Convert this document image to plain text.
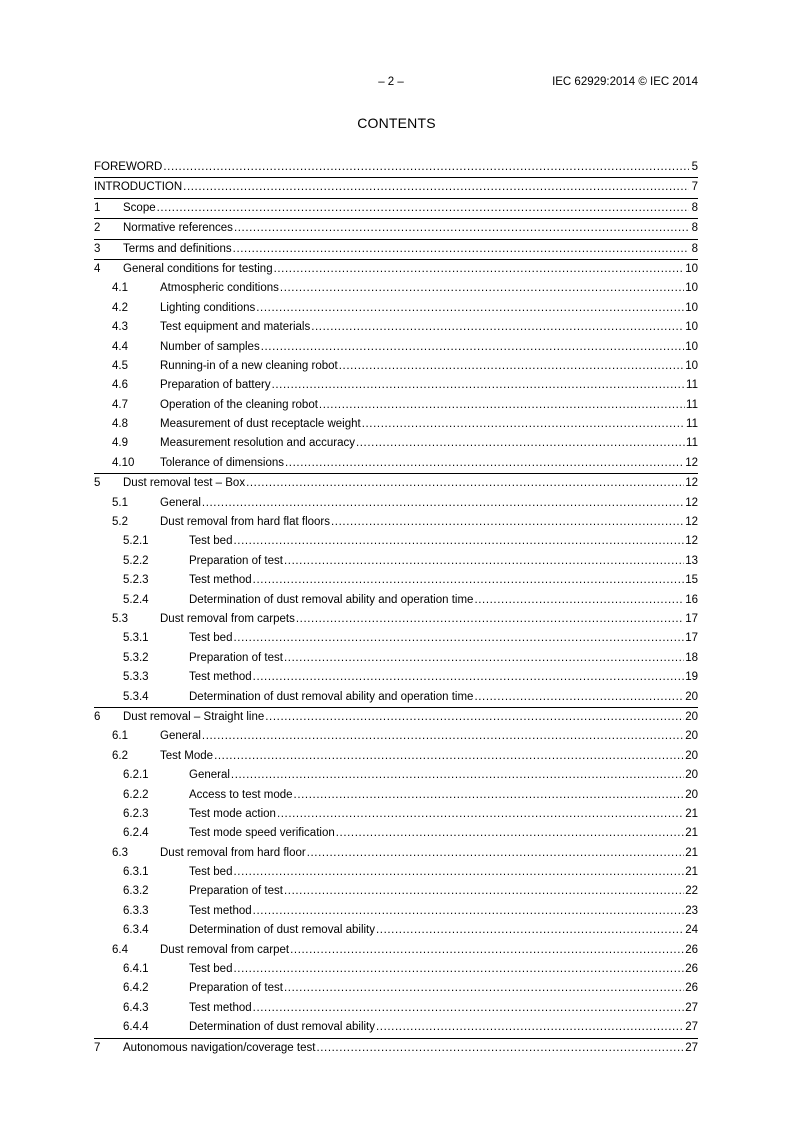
– 2 –	IEC 62929:2014 © IEC 2014
CONTENTS
FOREWORD .....	5
INTRODUCTION .....	7
1	Scope .....	8
2	Normative references .....	8
3	Terms and definitions .....	8
4	General conditions for testing .....	10
4.1	Atmospheric conditions .....	10
4.2	Lighting conditions .....	10
4.3	Test equipment and materials .....	10
4.4	Number of samples .....	10
4.5	Running-in of a new cleaning robot .....	10
4.6	Preparation of battery .....	11
4.7	Operation of the cleaning robot .....	11
4.8	Measurement of dust receptacle weight .....	11
4.9	Measurement resolution and accuracy .....	11
4.10	Tolerance of dimensions .....	12
5	Dust removal test – Box .....	12
5.1	General .....	12
5.2	Dust removal from hard flat floors .....	12
5.2.1	Test bed .....	12
5.2.2	Preparation of test .....	13
5.2.3	Test method .....	15
5.2.4	Determination of dust removal ability and operation time .....	16
5.3	Dust removal from carpets .....	17
5.3.1	Test bed .....	17
5.3.2	Preparation of test .....	18
5.3.3	Test method .....	19
5.3.4	Determination of dust removal ability and operation time .....	20
6	Dust removal – Straight line .....	20
6.1	General .....	20
6.2	Test Mode .....	20
6.2.1	General .....	20
6.2.2	Access to test mode .....	20
6.2.3	Test mode action .....	21
6.2.4	Test mode speed verification .....	21
6.3	Dust removal from hard floor .....	21
6.3.1	Test bed .....	21
6.3.2	Preparation of test .....	22
6.3.3	Test method .....	23
6.3.4	Determination of dust removal ability .....	24
6.4	Dust removal from carpet .....	26
6.4.1	Test bed .....	26
6.4.2	Preparation of test .....	26
6.4.3	Test method .....	27
6.4.4	Determination of dust removal ability .....	27
7	Autonomous navigation/coverage test .....	27
